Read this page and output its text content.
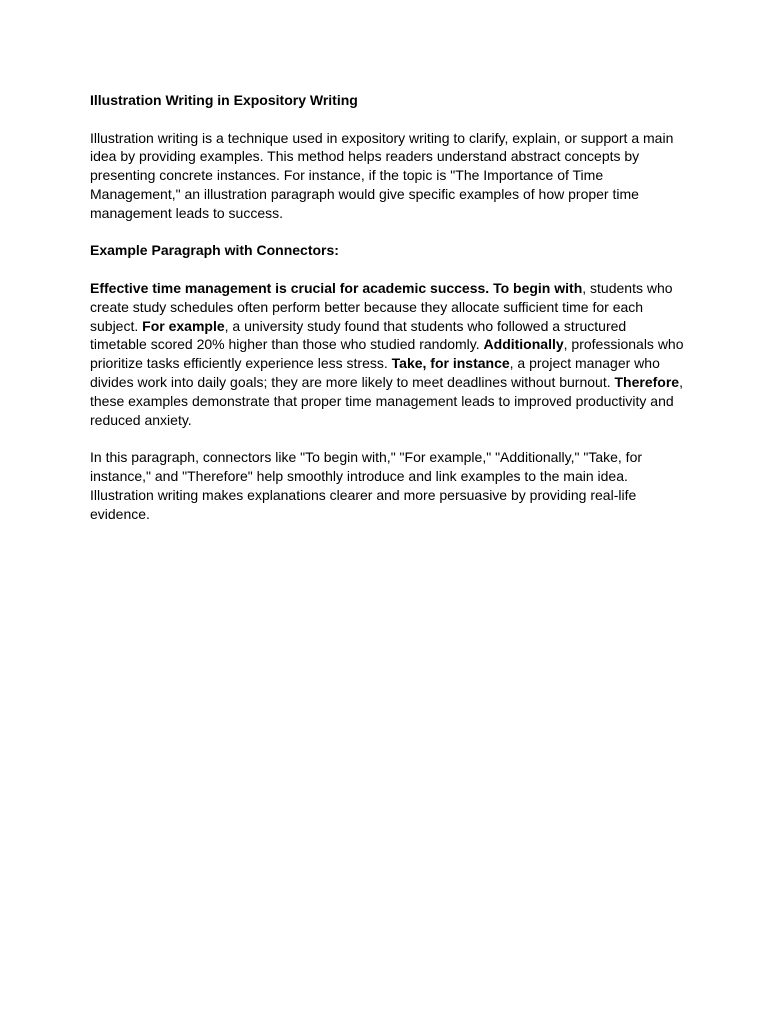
Illustration Writing in Expository Writing

Illustration writing is a technique used in expository writing to clarify, explain, or support a main idea by providing examples. This method helps readers understand abstract concepts by presenting concrete instances. For instance, if the topic is "The Importance of Time Management," an illustration paragraph would give specific examples of how proper time management leads to success.

Example Paragraph with Connectors:

Effective time management is crucial for academic success. To begin with, students who create study schedules often perform better because they allocate sufficient time for each subject. For example, a university study found that students who followed a structured timetable scored 20% higher than those who studied randomly. Additionally, professionals who prioritize tasks efficiently experience less stress. Take, for instance, a project manager who divides work into daily goals; they are more likely to meet deadlines without burnout. Therefore, these examples demonstrate that proper time management leads to improved productivity and reduced anxiety.

In this paragraph, connectors like "To begin with," "For example," "Additionally," "Take, for instance," and "Therefore" help smoothly introduce and link examples to the main idea. Illustration writing makes explanations clearer and more persuasive by providing real-life evidence.
